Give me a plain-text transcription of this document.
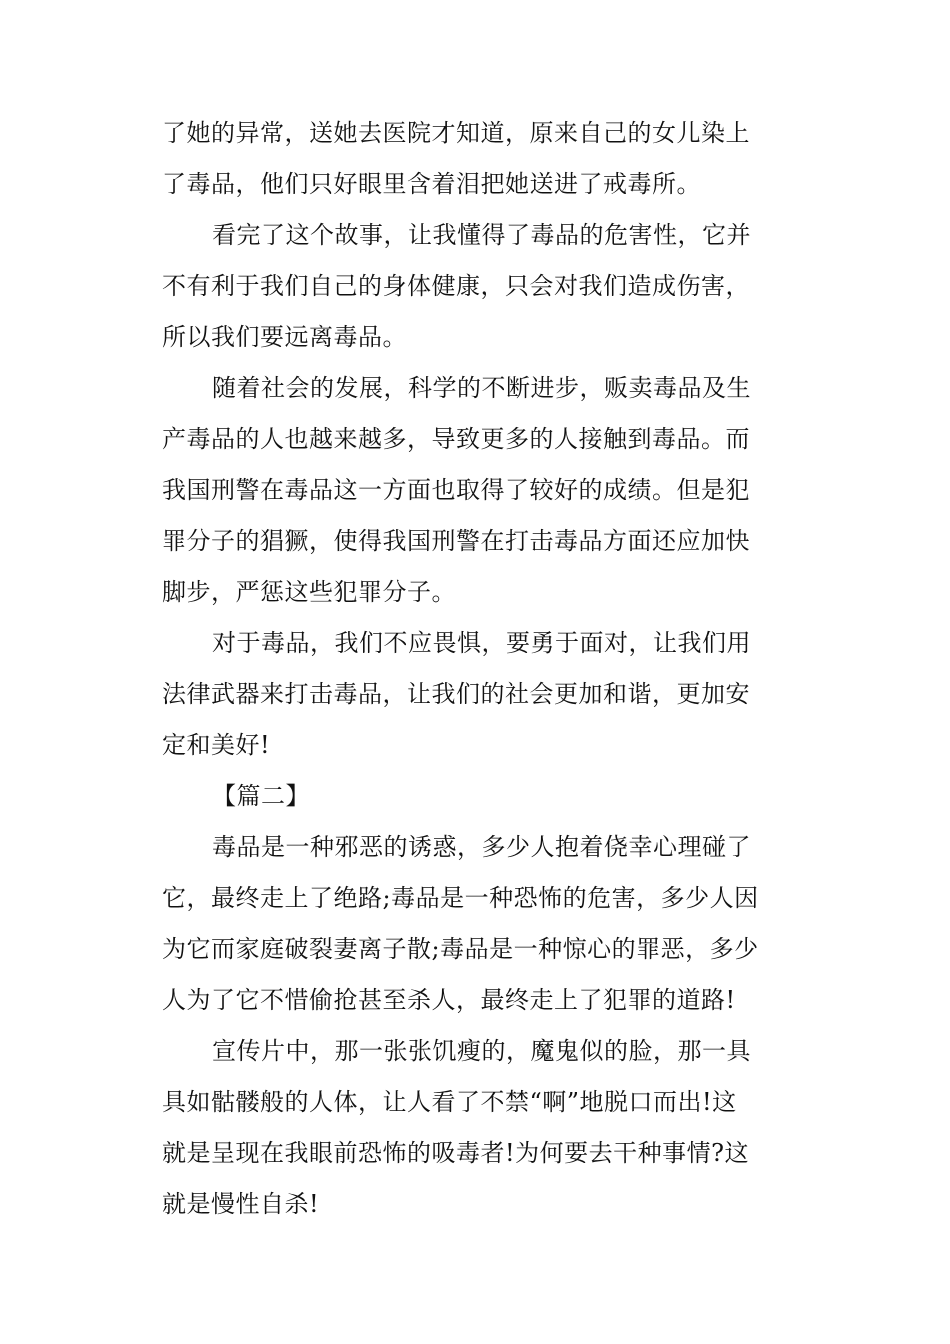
了她的异常，送她去医院才知道，原来自己的女儿染上
了毒品，他们只好眼里含着泪把她送进了戒毒所。
看完了这个故事，让我懂得了毒品的危害性，它并
不有利于我们自己的身体健康，只会对我们造成伤害，
所以我们要远离毒品。
随着社会的发展，科学的不断进步，贩卖毒品及生
产毒品的人也越来越多，导致更多的人接触到毒品。而
我国刑警在毒品这一方面也取得了较好的成绩。但是犯
罪分子的猖獗，使得我国刑警在打击毒品方面还应加快
脚步，严惩这些犯罪分子。
对于毒品，我们不应畏惧，要勇于面对，让我们用
法律武器来打击毒品，让我们的社会更加和谐，更加安
定和美好!
【篇二】
毒品是一种邪恶的诱惑，多少人抱着侥幸心理碰了
它，最终走上了绝路;毒品是一种恐怖的危害，多少人因
为它而家庭破裂妻离子散;毒品是一种惊心的罪恶，多少
人为了它不惜偷抢甚至杀人，最终走上了犯罪的道路!
宣传片中，那一张张饥瘦的，魔鬼似的脸，那一具
具如骷髅般的人体，让人看了不禁“啊”地脱口而出!这
就是呈现在我眼前恐怖的吸毒者!为何要去干种事情?这
就是慢性自杀!
